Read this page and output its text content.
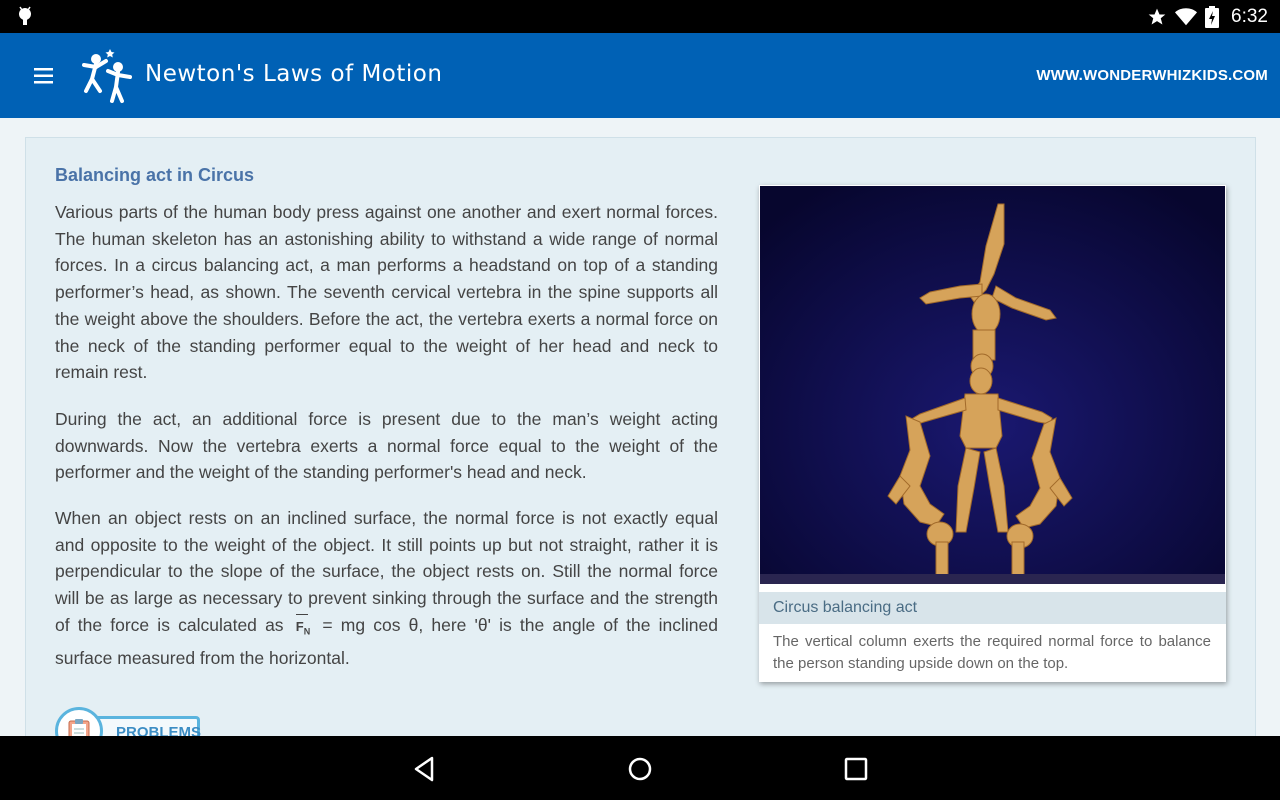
6:32
Newton's Laws of Motion	WWW.WONDERWHIZKIDS.COM
Balancing act in Circus

Various parts of the human body press against one another and exert normal forces. The human skeleton has an astonishing ability to withstand a wide range of normal forces. In a circus balancing act, a man performs a headstand on top of a standing performer’s head, as shown. The seventh cervical vertebra in the spine supports all the weight above the shoulders. Before the act, the vertebra exerts a normal force on the neck of the standing performer equal to the weight of her head and neck to remain rest.

During the act, an additional force is present due to the man’s weight acting downwards. Now the vertebra exerts a normal force equal to the weight of the performer and the weight of the standing performer's head and neck.

When an object rests on an inclined surface, the normal force is not exactly equal and opposite to the weight of the object. It still points up but not straight, rather it is perpendicular to the slope of the surface, the object rests on. Still the normal force will be as large as necessary to prevent sinking through the surface and the strength of the force is calculated as $F_N$ = mg cos θ, here 'θ' is the angle of the inclined surface measured from the horizontal.

Circus balancing act

The vertical column exerts the required normal force to balance the person standing upside down on the top.

PROBLEMS
